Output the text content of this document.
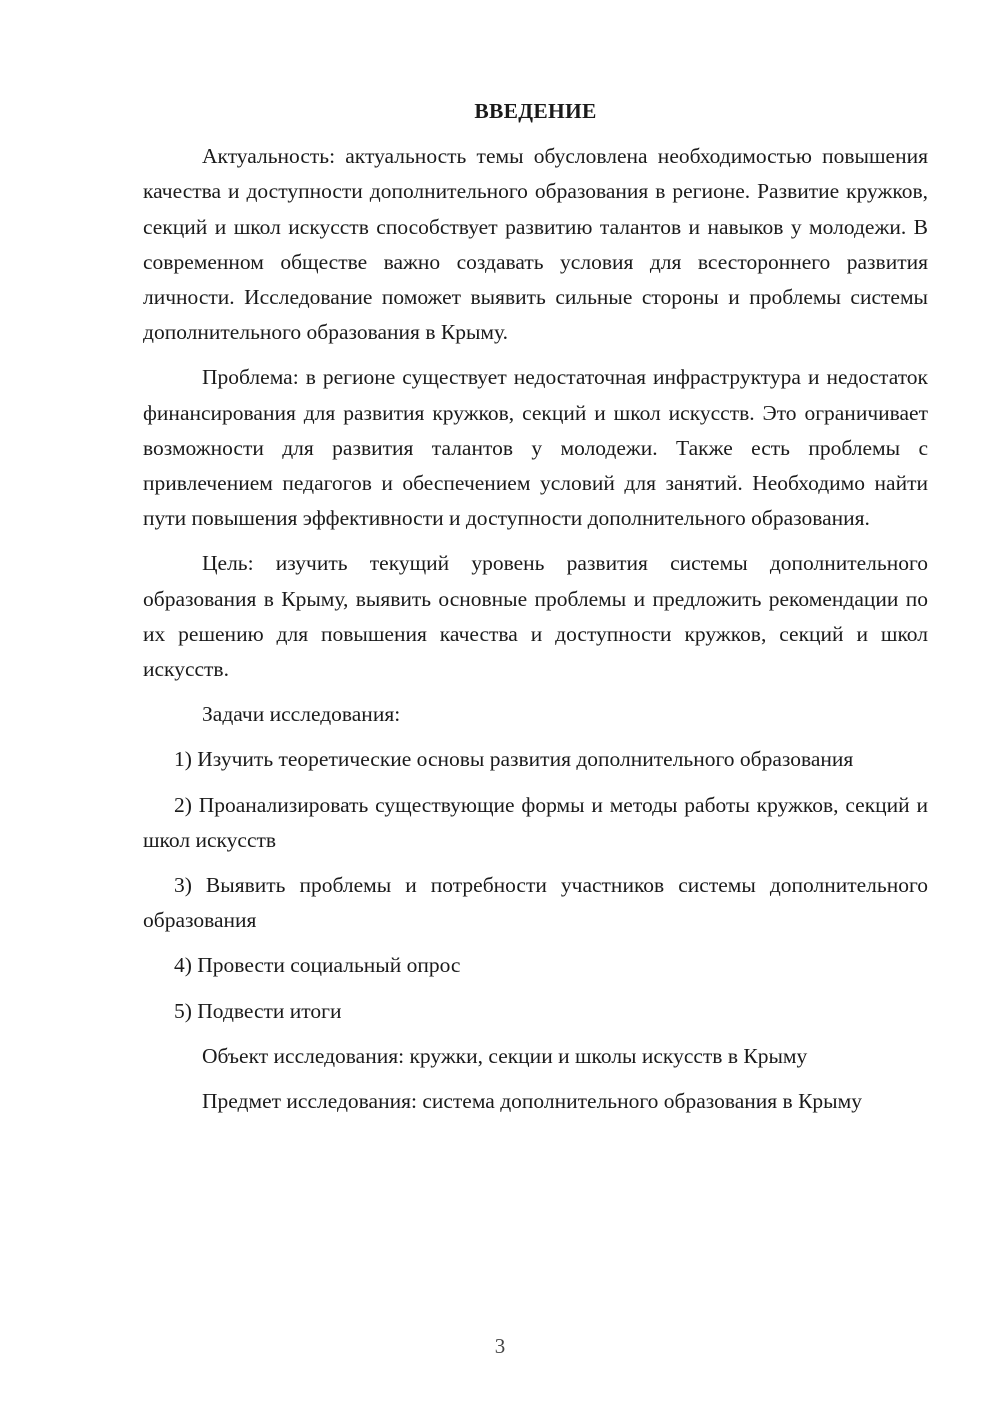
ВВЕДЕНИЕ

Актуальность: актуальность темы обусловлена необходимостью повышения качества и доступности дополнительного образования в регионе. Развитие кружков, секций и школ искусств способствует развитию талантов и навыков у молодежи. В современном обществе важно создавать условия для всестороннего развития личности. Исследование поможет выявить сильные стороны и проблемы системы дополнительного образования в Крыму.

Проблема: в регионе существует недостаточная инфраструктура и недостаток финансирования для развития кружков, секций и школ искусств. Это ограничивает возможности для развития талантов у молодежи. Также есть проблемы с привлечением педагогов и обеспечением условий для занятий. Необходимо найти пути повышения эффективности и доступности дополнительного образования.

Цель: изучить текущий уровень развития системы дополнительного образования в Крыму, выявить основные проблемы и предложить рекомендации по их решению для повышения качества и доступности кружков, секций и школ искусств.

Задачи исследования:

1) Изучить теоретические основы развития дополнительного образования

2) Проанализировать существующие формы и методы работы кружков, секций и школ искусств

3) Выявить проблемы и потребности участников системы дополнительного образования

4) Провести социальный опрос

5) Подвести итоги

Объект исследования: кружки, секции и школы искусств в Крыму

Предмет исследования: система дополнительного образования в Крыму

3
